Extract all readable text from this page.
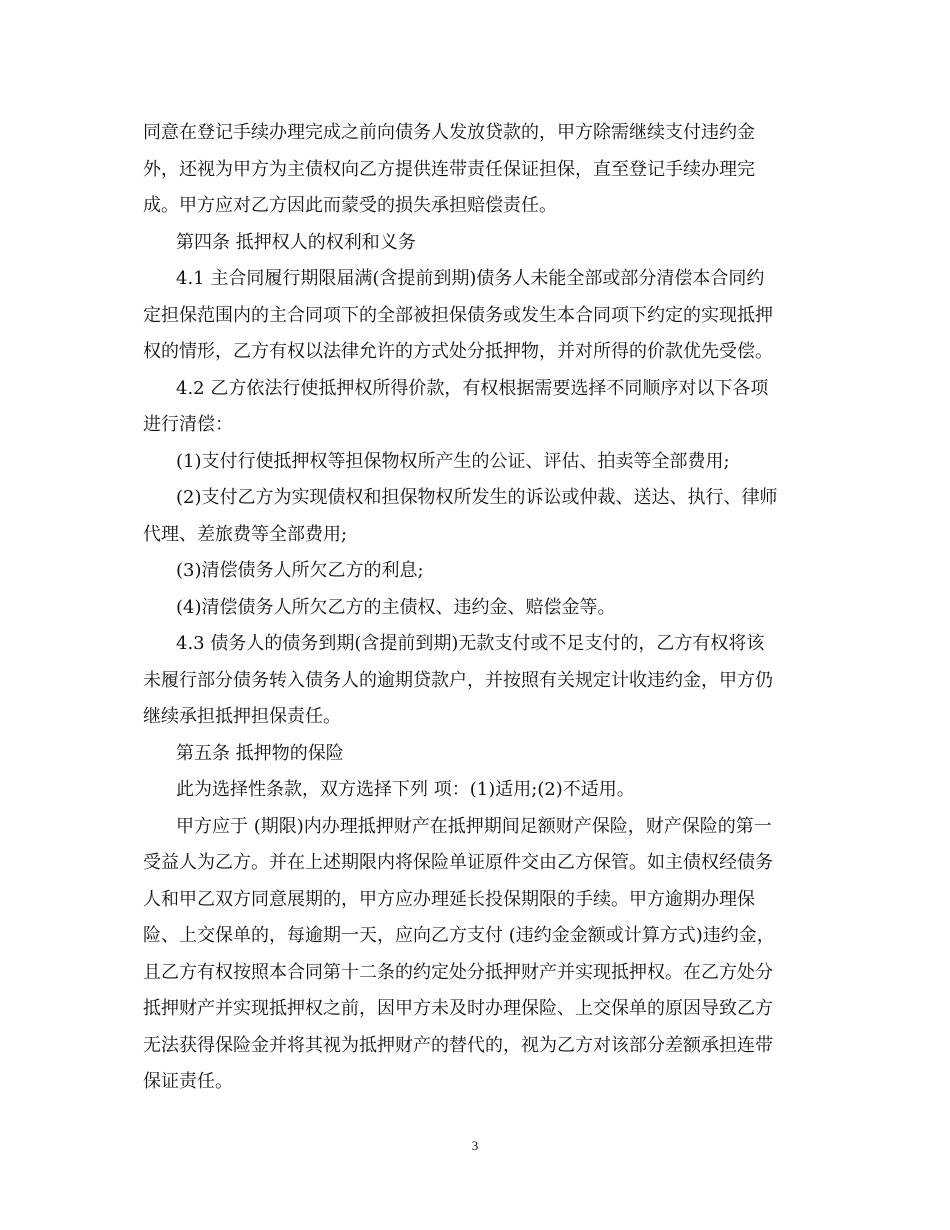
同意在登记手续办理完成之前向债务人发放贷款的，甲方除需继续支付违约金
外，还视为甲方为主债权向乙方提供连带责任保证担保，直至登记手续办理完
成。甲方应对乙方因此而蒙受的损失承担赔偿责任。
第四条 抵押权人的权利和义务
4.1 主合同履行期限届满(含提前到期)债务人未能全部或部分清偿本合同约
定担保范围内的主合同项下的全部被担保债务或发生本合同项下约定的实现抵押
权的情形，乙方有权以法律允许的方式处分抵押物，并对所得的价款优先受偿。
4.2 乙方依法行使抵押权所得价款，有权根据需要选择不同顺序对以下各项
进行清偿：
(1)支付行使抵押权等担保物权所产生的公证、评估、拍卖等全部费用;
(2)支付乙方为实现债权和担保物权所发生的诉讼或仲裁、送达、执行、律师
代理、差旅费等全部费用;
(3)清偿债务人所欠乙方的利息;
(4)清偿债务人所欠乙方的主债权、违约金、赔偿金等。
4.3 债务人的债务到期(含提前到期)无款支付或不足支付的，乙方有权将该
未履行部分债务转入债务人的逾期贷款户，并按照有关规定计收违约金，甲方仍
继续承担抵押担保责任。
第五条 抵押物的保险
此为选择性条款，双方选择下列 项：(1)适用;(2)不适用。
甲方应于 (期限)内办理抵押财产在抵押期间足额财产保险，财产保险的第一
受益人为乙方。并在上述期限内将保险单证原件交由乙方保管。如主债权经债务
人和甲乙双方同意展期的，甲方应办理延长投保期限的手续。甲方逾期办理保
险、上交保单的，每逾期一天，应向乙方支付 (违约金金额或计算方式)违约金，
且乙方有权按照本合同第十二条的约定处分抵押财产并实现抵押权。在乙方处分
抵押财产并实现抵押权之前，因甲方未及时办理保险、上交保单的原因导致乙方
无法获得保险金并将其视为抵押财产的替代的，视为乙方对该部分差额承担连带
保证责任。
3
